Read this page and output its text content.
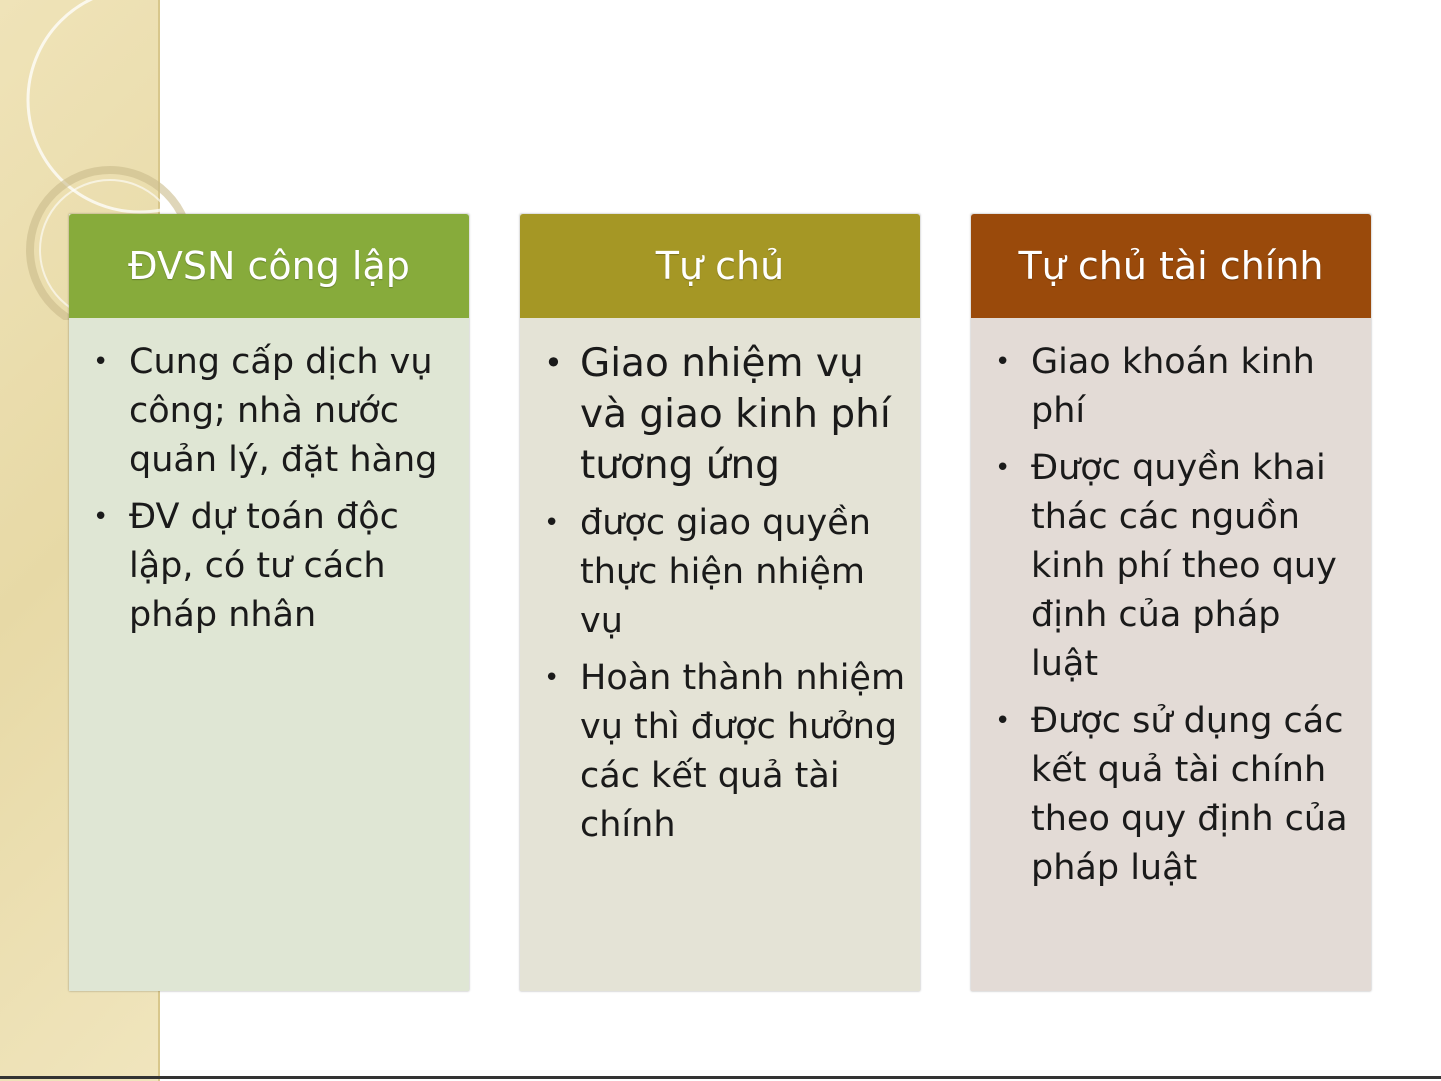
ĐVSN công lập
• Cung cấp dịch vụ công; nhà nước quản lý, đặt hàng
• ĐV dự toán độc lập, có tư cách pháp nhân
Tự chủ
• Giao nhiệm vụ và giao kinh phí tương ứng
• được giao quyền thực hiện nhiệm vụ
• Hoàn thành nhiệm vụ thì được hưởng các kết quả tài chính
Tự chủ tài chính
• Giao khoán kinh phí
• Được quyền khai thác các nguồn kinh phí theo quy định của pháp luật
• Được sử dụng các kết quả tài chính theo quy định của pháp luật
